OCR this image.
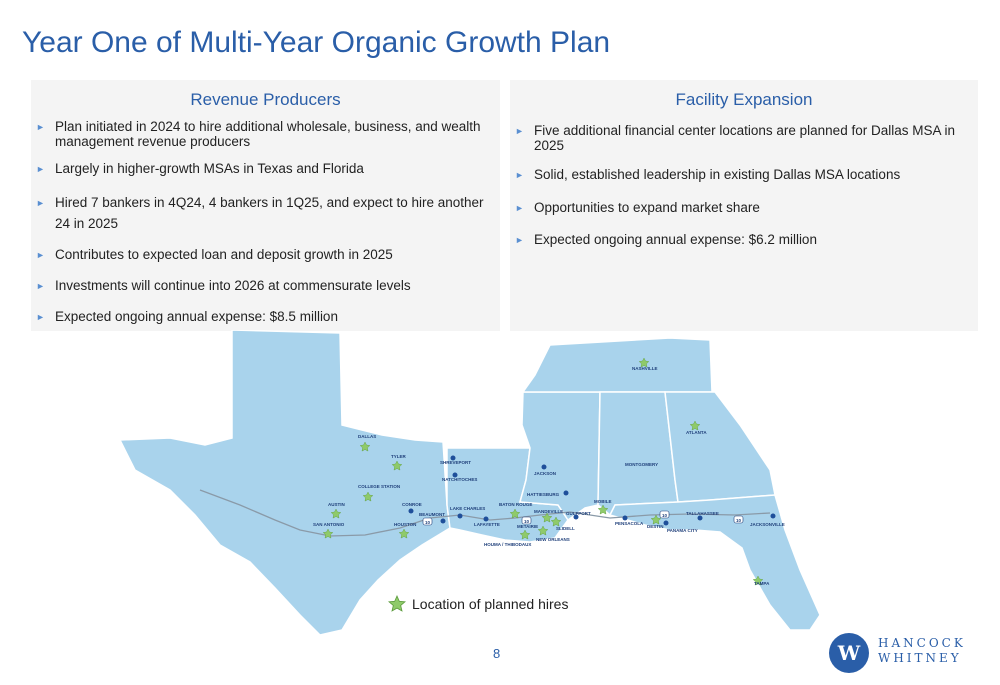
Year One of Multi-Year Organic Growth Plan
Revenue Producers
► Plan initiated in 2024 to hire additional wholesale, business, and wealth management revenue producers
► Largely in higher-growth MSAs in Texas and Florida
► Hired 7 bankers in 4Q24, 4 bankers in 1Q25, and expect to hire another 24 in 2025
► Contributes to expected loan and deposit growth in 2025
► Investments will continue into 2026 at commensurate levels
► Expected ongoing annual expense: $8.5 million
Facility Expansion
► Five additional financial center locations are planned for Dallas MSA in 2025
► Solid, established leadership in existing Dallas MSA locations
► Opportunities to expand market share
► Expected ongoing annual expense: $6.2 million
DALLAS
TYLER
COLLEGE STATION
AUSTIN
SAN ANTONIO
CONROE
HOUSTON
BEAUMONT
LAKE CHARLES
LAFAYETTE
SHREVEPORT
NATCHITOCHES
BATON ROUGE
HOUMA / THIBODAUX
MANDEVILLE
SLIDELL
NEW ORLEANS
METAIRIE
GULFPORT
JACKSON
HATTIESBURG
MOBILE
PENSACOLA
DESTIN
PANAMA CITY
TALLAHASSEE
JACKSONVILLE
MONTGOMERY
ATLANTA
NASHVILLE
TAMPA
10	10
10
10
Location of planned hires
8	W HANCOCK
WHITNEY
